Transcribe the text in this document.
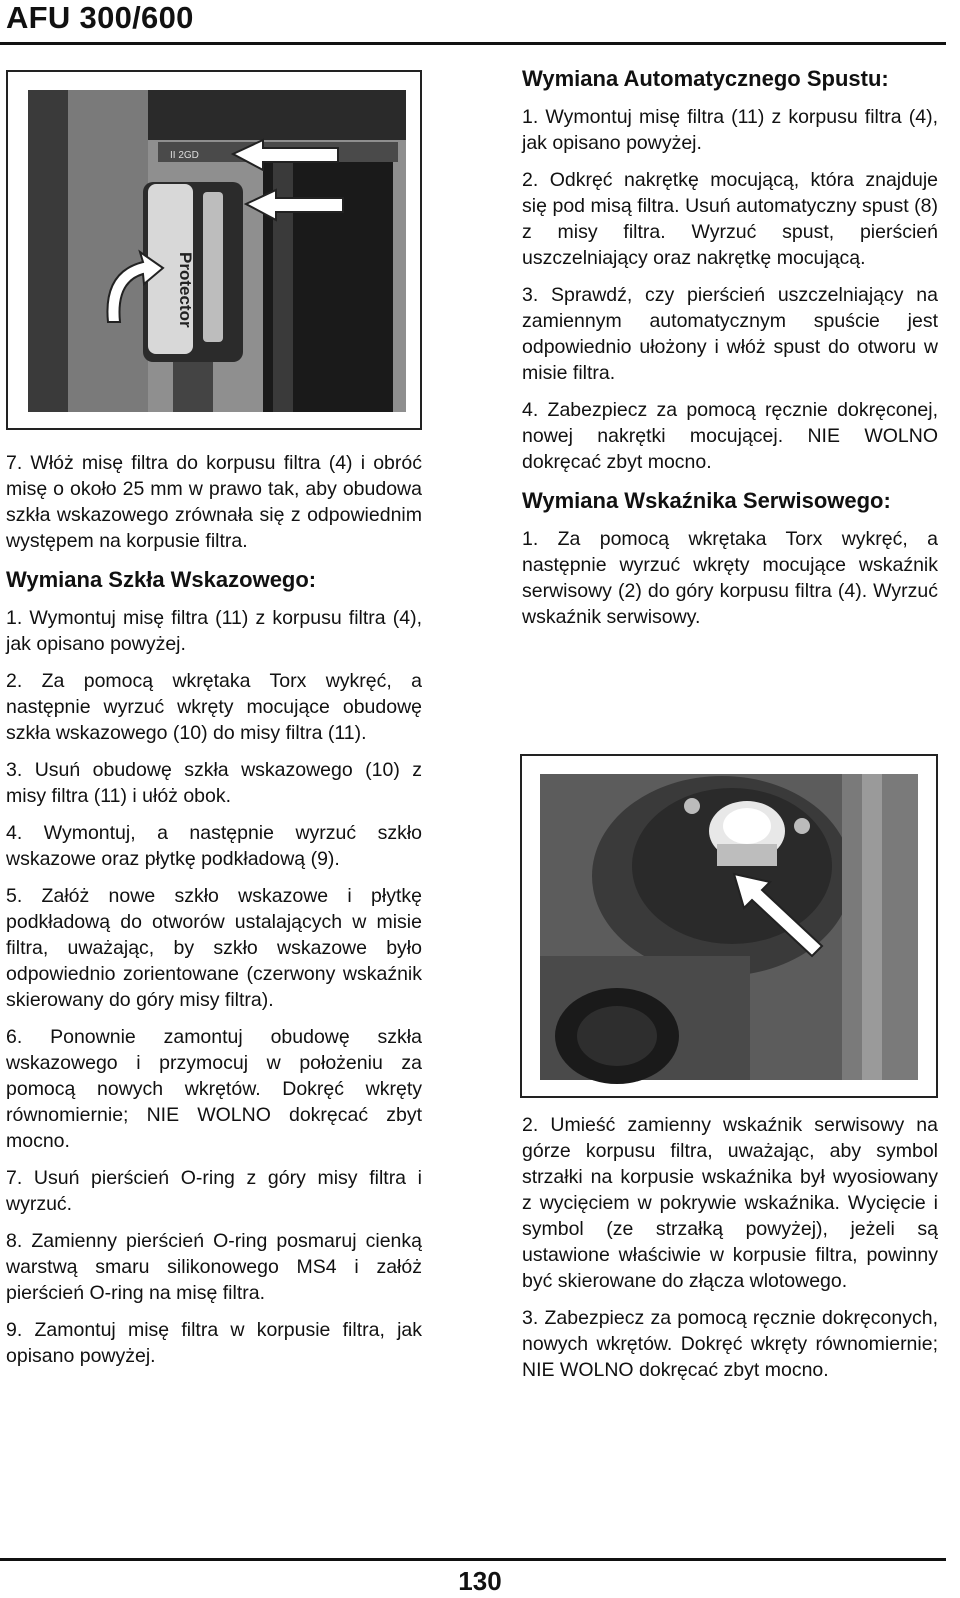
AFU 300/600
Protector
II 2GD

7. Włóż misę filtra do korpusu filtra (4) i obróć misę o około 25 mm w prawo tak, aby obudowa szkła wskazowego zrównała się z odpowiednim występem na korpusie filtra.

Wymiana Szkła Wskazowego:

1. Wymontuj misę filtra (11) z korpusu filtra (4), jak opisano powyżej.

2. Za pomocą wkrętaka Torx wykręć, a następnie wyrzuć wkręty mocujące obudowę szkła wskazowego (10) do misy filtra (11).

3. Usuń obudowę szkła wskazowego (10) z misy filtra (11) i ułóż obok.

4. Wymontuj, a następnie wyrzuć szkło wskazowe oraz płytkę podkładową (9).

5. Załóż nowe szkło wskazowe i płytkę podkładową do otworów ustalających w misie filtra, uważając, by szkło wskazowe było odpowiednio zorientowane (czerwony wskaźnik skierowany do góry misy filtra).

6. Ponownie zamontuj obudowę szkła wskazowego i przymocuj w położeniu za pomocą nowych wkrętów. Dokręć wkręty równomiernie; NIE WOLNO dokręcać zbyt mocno.

7. Usuń pierścień O-ring z góry misy filtra i wyrzuć.

8. Zamienny pierścień O-ring posmaruj cienką warstwą smaru silikonowego MS4 i załóż pierścień O-ring na misę filtra.

9. Zamontuj misę filtra w korpusie filtra, jak opisano powyżej.

Wymiana Automatycznego Spustu:

1. Wymontuj misę filtra (11) z korpusu filtra (4), jak opisano powyżej.

2. Odkręć nakrętkę mocującą, która znajduje się pod misą filtra. Usuń automatyczny spust (8) z misy filtra. Wyrzuć spust, pierścień uszczelniający oraz nakrętkę mocującą.

3. Sprawdź, czy pierścień uszczelniający na zamiennym automatycznym spuście jest odpowiednio ułożony i włóż spust do otworu w misie filtra.

4. Zabezpiecz za pomocą ręcznie dokręconej, nowej nakrętki mocującej. NIE WOLNO dokręcać zbyt mocno.

Wymiana Wskaźnika Serwisowego:

1. Za pomocą wkrętaka Torx wykręć, a następnie wyrzuć wkręty mocujące wskaźnik serwisowy (2) do góry korpusu filtra (4). Wyrzuć wskaźnik serwisowy.

2. Umieść zamienny wskaźnik serwisowy na górze korpusu filtra, uważając, aby symbol strzałki na korpusie wskaźnika był wyosiowany z wycięciem w pokrywie wskaźnika. Wycięcie i symbol (ze strzałką powyżej), jeżeli są ustawione właściwie w korpusie filtra, powinny być skierowane do złącza wlotowego.

3. Zabezpiecz za pomocą ręcznie dokręconych, nowych wkrętów. Dokręć wkręty równomiernie; NIE WOLNO dokręcać zbyt mocno.

130
